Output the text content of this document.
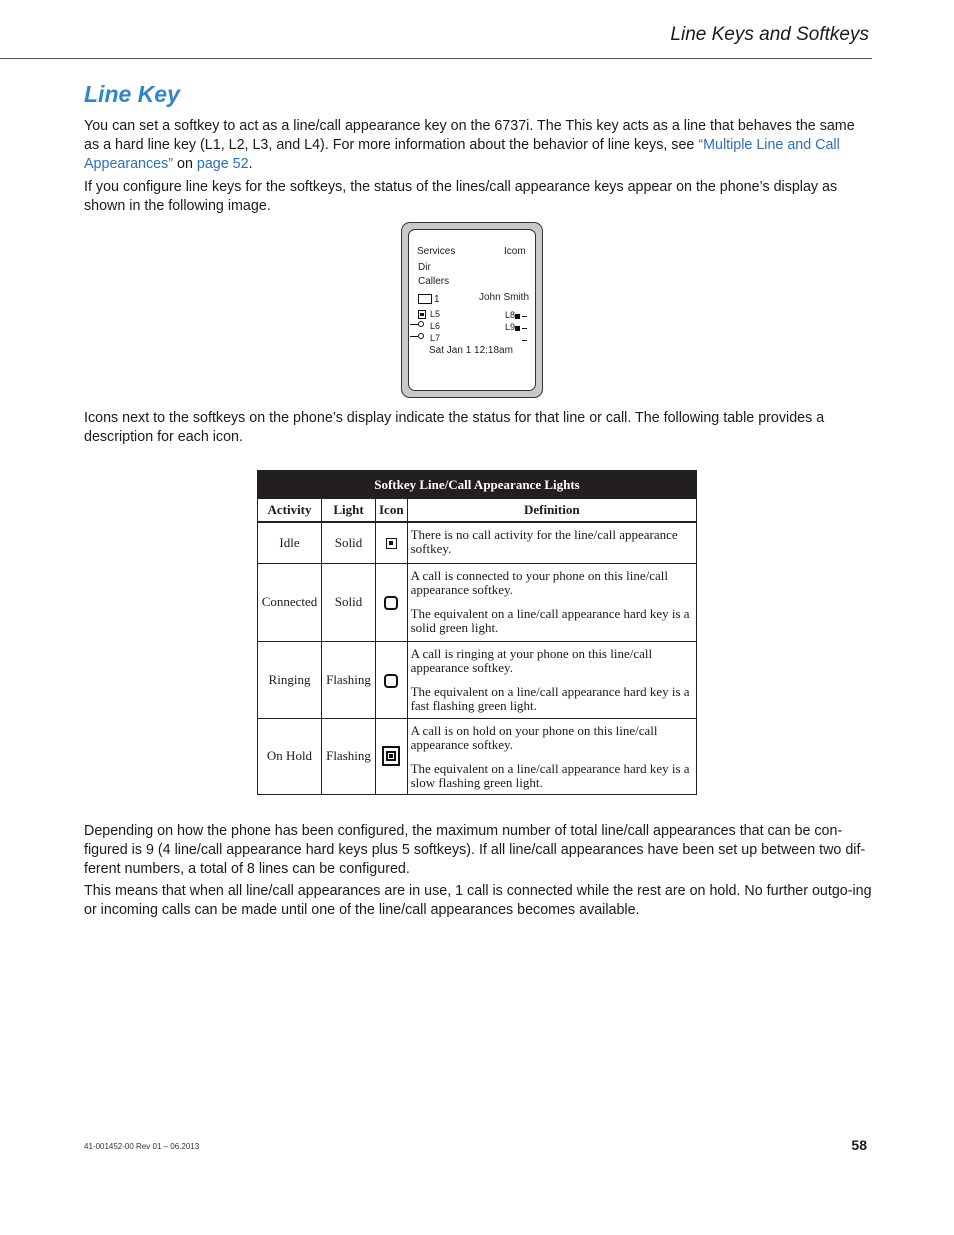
Line Keys and Softkeys
Line Key

You can set a softkey to act as a line/call appearance key on the 6737i. The This key acts as a line that behaves the same as a hard line key (L1, L2, L3, and L4). For more information about the behavior of line keys, see “Multiple Line and Call Appearances” on page 52.

If you configure line keys for the softkeys, the status of the lines/call appearance keys appear on the phone’s display as shown in the following image.

Services	Icom
Dir
Callers
1	John Smith
L5
L6
L7
L8
L9
Sat Jan 1 12:18am

Icons next to the softkeys on the phone’s display indicate the status for that line or call. The following table provides a description for each icon.

Softkey Line/Call Appearance Lights			
Activity	Light	Icon	Definition
Idle	Solid		There is no call activity for the line/call appearance softkey.

Connected	Solid		A call is connected to your phone on this line/call appearance softkey.

The equivalent on a line/call appearance hard key is a solid green light.

Ringing	Flashing		A call is ringing at your phone on this line/call appearance softkey.

The equivalent on a line/call appearance hard key is a fast flashing green light.

On Hold	Flashing		A call is on hold on your phone on this line/call appearance softkey.

The equivalent on a line/call appearance hard key is a slow flashing green light.

Depending on how the phone has been configured, the maximum number of total line/call appearances that can be con-figured is 9 (4 line/call appearance hard keys plus 5 softkeys). If all line/call appearances have been set up between two dif-ferent numbers, a total of 8 lines can be configured.

This means that when all line/call appearances are in use, 1 call is connected while the rest are on hold. No further outgo-ing or incoming calls can be made until one of the line/call appearances becomes available.

41-001452-00 Rev 01 – 06.2013	58
